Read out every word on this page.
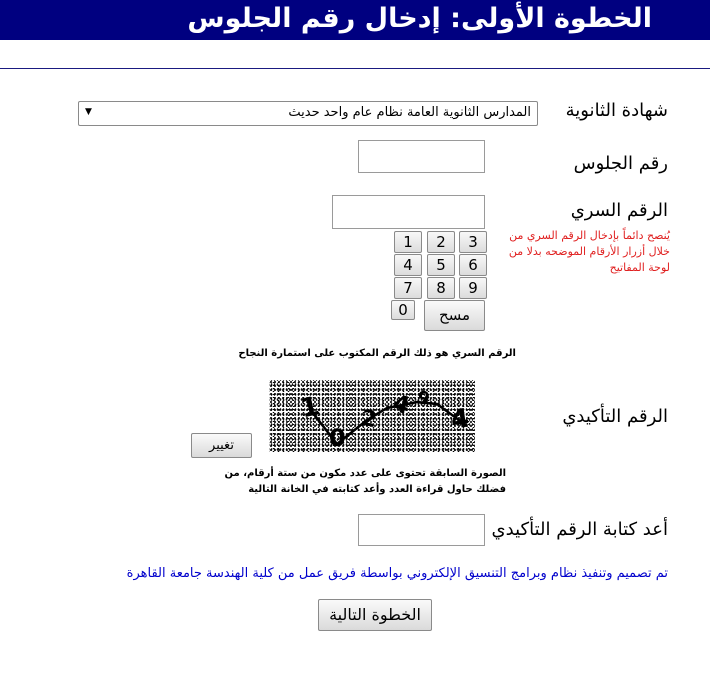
الخطوة الأولى: إدخال رقم الجلوس
شهادة الثانوية
المدارس الثانوية العامة نظام عام واحد حديث
▼
رقم الجلوس
الرقم السري
يُنصح دائماً بإدخال الرقم السري من خلال أزرار الأرقام الموضحه بدلا من لوحة المفاتيح
1	2	3
4	5	6
7	8	9
0	مسح
الرقم السري هو ذلك الرقم المكتوب على استمارة النجاح
الرقم التأكيدي
1
0
2 4 9
4
تغيير
الصورة السابقة تحتوى على عدد مكون من ستة أرقام، من فضلك حاول قراءة العدد وأعد كتابته في الخانة التالية
أعد كتابة الرقم التأكيدي
تم تصميم وتنفيذ نظام وبرامج التنسيق الإلكتروني بواسطة فريق عمل من كلية الهندسة جامعة القاهرة
الخطوة التالية
